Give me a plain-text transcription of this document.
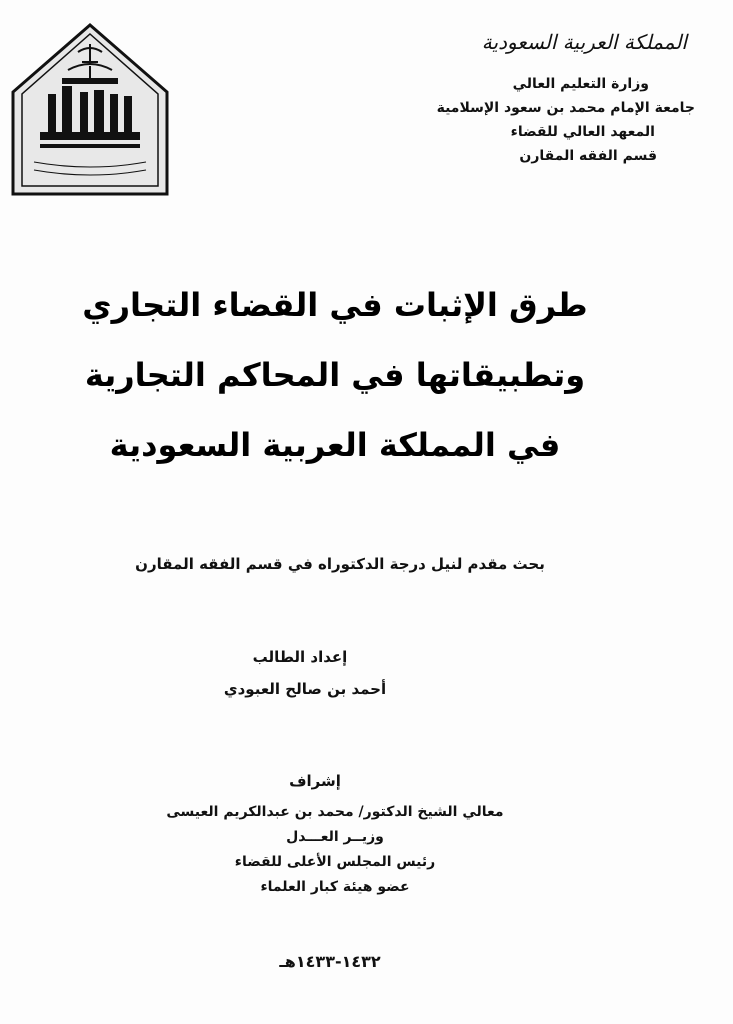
المملكة العربية السعودية
وزارة التعليم العالي
جامعة الإمام محمد بن سعود الإسلامية
المعهد العالي للقضاء
قسم الفقه المقارن
طرق الإثبات في القضاء التجاري
وتطبيقاتها في المحاكم التجارية
في المملكة العربية السعودية
بحث مقدم لنيل درجة الدكتوراه في قسم الفقه المقارن
إعداد الطالب
أحمد بن صالح العبودي
إشراف
معالي الشيخ الدكتور/ محمد بن عبدالكريم العيسى
وزيــر العـــدل
رئيس المجلس الأعلى للقضاء
عضو هيئة كبار العلماء
١٤٣٢-١٤٣٣هـ
